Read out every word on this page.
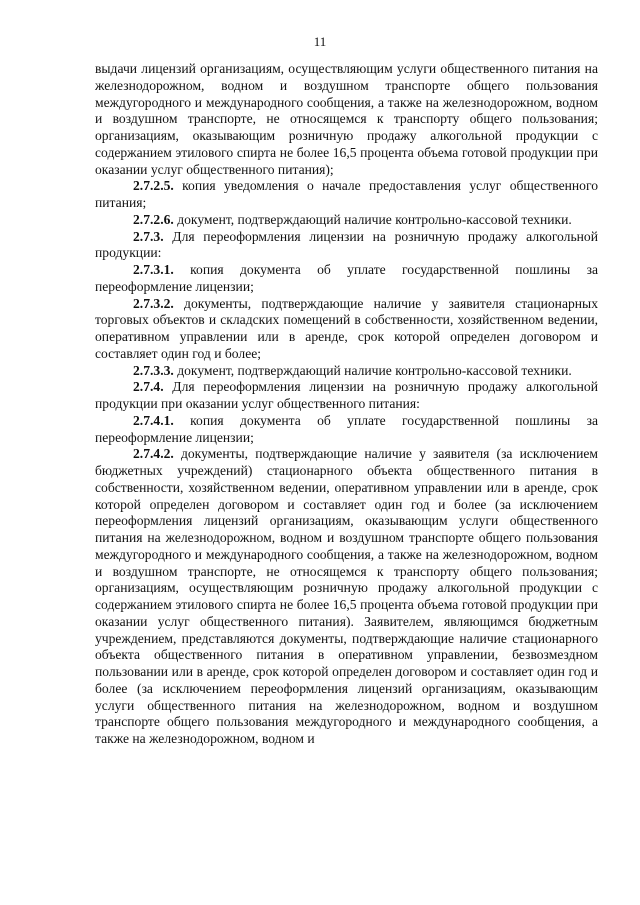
11

выдачи лицензий организациям, осуществляющим услуги общественного питания на железнодорожном, водном и воздушном транспорте общего пользования междугородного и международного сообщения, а также на железнодорожном, водном и воздушном транспорте, не относящемся к транспорту общего пользования; организациям, оказывающим розничную продажу алкогольной продукции с содержанием этилового спирта не более 16,5 процента объема готовой продукции при оказании услуг общественного питания);

2.7.2.5. копия уведомления о начале предоставления услуг общественного питания;

2.7.2.6. документ, подтверждающий наличие контрольно-кассовой техники.

2.7.3. Для переоформления лицензии на розничную продажу алкогольной продукции:

2.7.3.1. копия документа об уплате государственной пошлины за переоформление лицензии;

2.7.3.2. документы, подтверждающие наличие у заявителя стационарных торговых объектов и складских помещений в собственности, хозяйственном ведении, оперативном управлении или в аренде, срок которой определен договором и составляет один год и более;

2.7.3.3. документ, подтверждающий наличие контрольно-кассовой техники.

2.7.4. Для переоформления лицензии на розничную продажу алкогольной продукции при оказании услуг общественного питания:

2.7.4.1. копия документа об уплате государственной пошлины за переоформление лицензии;

2.7.4.2. документы, подтверждающие наличие у заявителя (за исключением бюджетных учреждений) стационарного объекта общественного питания в собственности, хозяйственном ведении, оперативном управлении или в аренде, срок которой определен договором и составляет один год и более (за исключением переоформления лицензий организациям, оказывающим услуги общественного питания на железнодорожном, водном и воздушном транспорте общего пользования междугородного и международного сообщения, а также на железнодорожном, водном и воздушном транспорте, не относящемся к транспорту общего пользования; организациям, осуществляющим розничную продажу алкогольной продукции с содержанием этилового спирта не более 16,5 процента объема готовой продукции при оказании услуг общественного питания). Заявителем, являющимся бюджетным учреждением, представляются документы, подтверждающие наличие стационарного объекта общественного питания в оперативном управлении, безвозмездном пользовании или в аренде, срок которой определен договором и составляет один год и более (за исключением переоформления лицензий организациям, оказывающим услуги общественного питания на железнодорожном, водном и воздушном транспорте общего пользования междугородного и международного сообщения, а также на железнодорожном, водном и
